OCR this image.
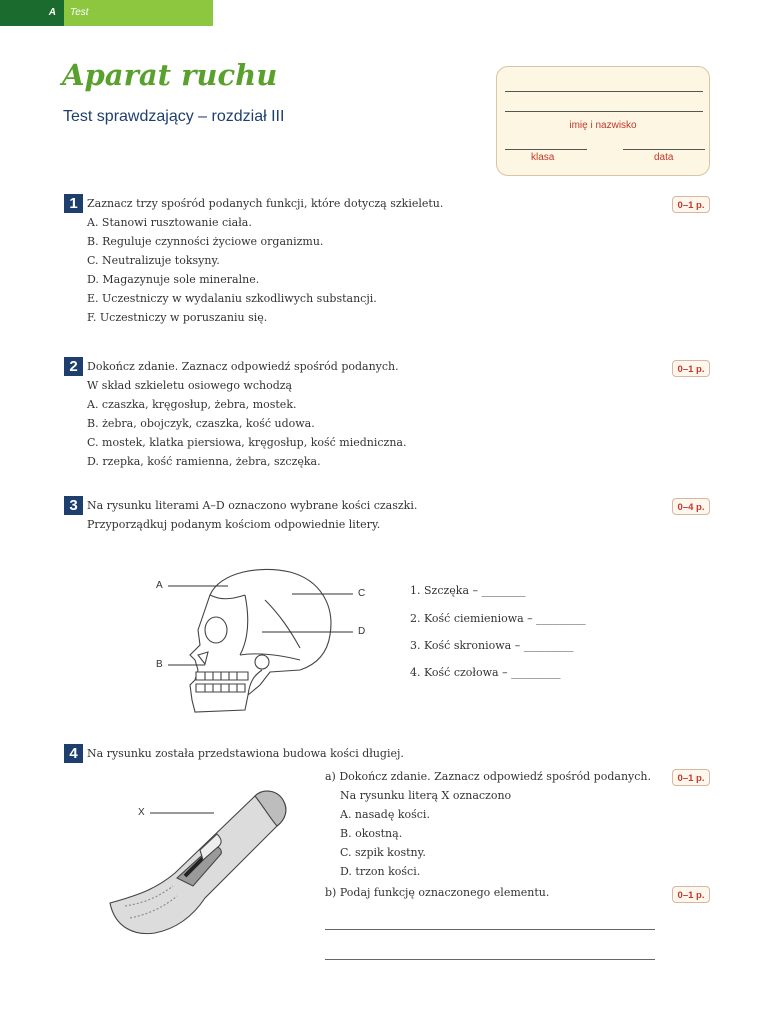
A	Test
Aparat ruchu
Test sprawdzający – rozdział III
imię i nazwisko
klasa	data
1 Zaznacz trzy spośród podanych funkcji, które dotyczą szkieletu.
A. Stanowi rusztowanie ciała.
B. Reguluje czynności życiowe organizmu.
C. Neutralizuje toksyny.
D. Magazynuje sole mineralne.
E. Uczestniczy w wydalaniu szkodliwych substancji.
F. Uczestniczy w poruszaniu się.
0–1 p.
2 Dokończ zdanie. Zaznacz odpowiedź spośród podanych.
W skład szkieletu osiowego wchodzą
A. czaszka, kręgosłup, żebra, mostek.
B. żebra, obojczyk, czaszka, kość udowa.
C. mostek, klatka piersiowa, kręgosłup, kość miedniczna.
D. rzepka, kość ramienna, żebra, szczęka.
0–1 p.
3 Na rysunku literami A–D oznaczono wybrane kości czaszki.
Przyporządkuj podanym kościom odpowiednie litery.
0–4 p.
A
B
C
D
1. Szczęka – ________
2. Kość ciemieniowa – _________
3. Kość skroniowa – _________
4. Kość czołowa – _________
4 Na rysunku została przedstawiona budowa kości długiej.
X
a) Dokończ zdanie. Zaznacz odpowiedź spośród podanych.
Na rysunku literą X oznaczono
A. nasadę kości.
B. okostną.
C. szpik kostny.
D. trzon kości.
0–1 p.
b) Podaj funkcję oznaczonego elementu.	0–1 p.
